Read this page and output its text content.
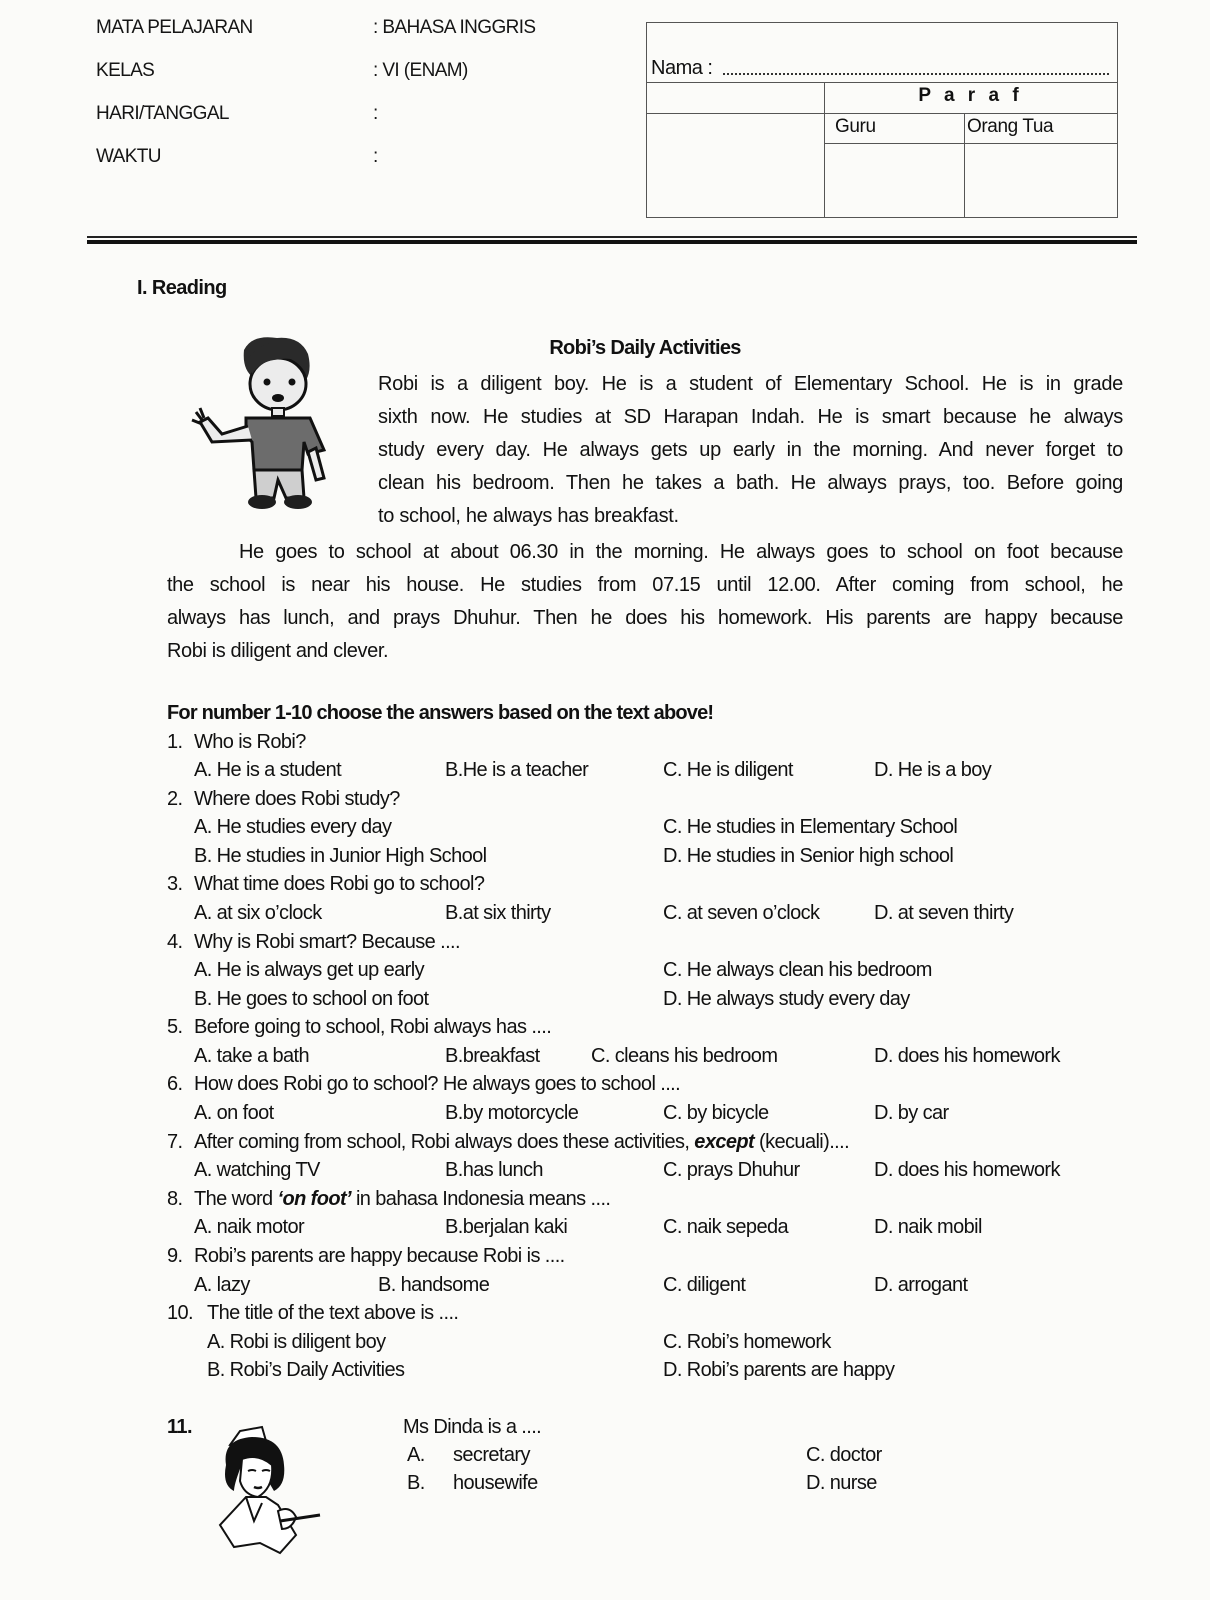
MATA PELAJARAN	: BAHASA INGGRIS
KELAS	: VI (ENAM)
HARI/TANGGAL	:
WAKTU	:
Nama :
P a r a f
Guru	Orang Tua
I. Reading
Robi’s Daily Activities
Robi is a diligent boy. He is a student of Elementary School. He is in grade
sixth now. He studies at SD Harapan Indah. He is smart because he always
study every day. He always gets up early in the morning. And never forget to
clean his bedroom. Then he takes a bath. He always prays, too. Before going
to school, he always has breakfast.
He goes to school at about 06.30 in the morning. He always goes to school on foot because
the school is near his house. He studies from 07.15 until 12.00. After coming from school, he
always has lunch, and prays Dhuhur. Then he does his homework. His parents are happy because
Robi is diligent and clever.
For number 1-10 choose the answers based on the text above!
1. Who is Robi?
A. He is a student	B.He is a teacher	C. He is diligent	D. He is a boy
2. Where does Robi study?
A. He studies every day
B. He studies in Junior High School
C. He studies in Elementary School
D. He studies in Senior high school
3. What time does Robi go to school?
A. at six o’clock	B.at six thirty	C. at seven o’clock	D. at seven thirty
4. Why is Robi smart? Because ....
A. He is always get up early
B. He goes to school on foot
C. He always clean his bedroom
D. He always study every day
5. Before going to school, Robi always has ....
A. take a bath	B.breakfast	C. cleans his bedroom	D. does his homework
6. How does Robi go to school? He always goes to school ....
A. on foot	B.by motorcycle	C. by bicycle	D. by car
7. After coming from school, Robi always does these activities, except (kecuali)....
A. watching TV	B.has lunch	C. prays Dhuhur	D. does his homework
8. The word ‘on foot’ in bahasa Indonesia means ....
A. naik motor	B.berjalan kaki	C. naik sepeda	D. naik mobil
9. Robi’s parents are happy because Robi is ....
A. lazy	B. handsome	C. diligent	D. arrogant
10. The title of the text above is ....
A. Robi is diligent boy
B. Robi’s Daily Activities
C. Robi’s homework
D. Robi’s parents are happy
11.	Ms Dinda is a ....
A. secretary
B. housewife
C. doctor
D. nurse
